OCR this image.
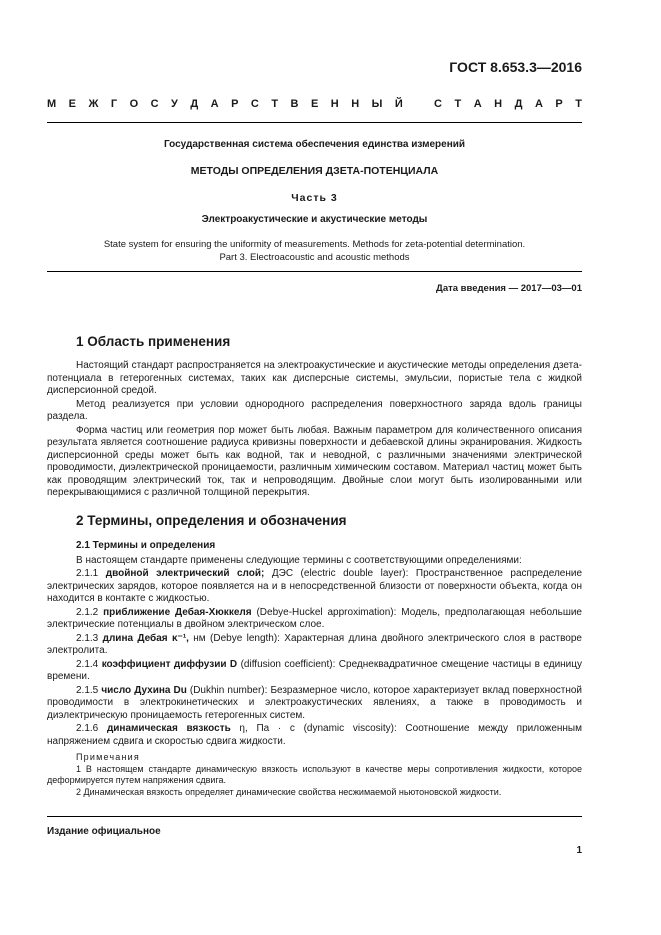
ГОСТ 8.653.3—2016
М Е Ж Г О С У Д А Р С Т В Е Н Н Ы Й	С Т А Н Д А Р Т
Государственная система обеспечения единства измерений
МЕТОДЫ ОПРЕДЕЛЕНИЯ ДЗЕТА-ПОТЕНЦИАЛА
Часть 3
Электроакустические и акустические методы
State system for ensuring the uniformity of measurements. Methods for zeta-potential determination.
Part 3. Electroacoustic and acoustic methods
Дата введения — 2017—03—01
1 Область применения

Настоящий стандарт распространяется на электроакустические и акустические методы определения дзета-потенциала в гетерогенных системах, таких как дисперсные системы, эмульсии, пористые тела с жидкой дисперсионной средой.

Метод реализуется при условии однородного распределения поверхностного заряда вдоль границы раздела.

Форма частиц или геометрия пор может быть любая. Важным параметром для количественного описания результата является соотношение радиуса кривизны поверхности и дебаевской длины экранирования. Жидкость дисперсионной среды может быть как водной, так и неводной, с различными значениями электрической проводимости, диэлектрической проницаемости, различным химическим составом. Материал частиц может быть как проводящим электрический ток, так и непроводящим. Двойные слои могут быть изолированными или перекрывающимися с различной толщиной перекрытия.

2 Термины, определения и обозначения
2.1 Термины и определения

В настоящем стандарте применены следующие термины с соответствующими определениями:

2.1.1 двойной электрический слой; ДЭС (electric double layer): Пространственное распределение электрических зарядов, которое появляется на и в непосредственной близости от поверхности объекта, когда он находится в контакте с жидкостью.

2.1.2 приближение Дебая-Хюккеля (Debye-Huckel approximation): Модель, предполагающая небольшие электрические потенциалы в двойном электрическом слое.

2.1.3 длина Дебая κ⁻¹, нм (Debye length): Характерная длина двойного электрического слоя в растворе электролита.

2.1.4 коэффициент диффузии D (diffusion coefficient): Среднеквадратичное смещение частицы в единицу времени.

2.1.5 число Духина Du (Dukhin number): Безразмерное число, которое характеризует вклад поверхностной проводимости в электрокинетических и электроакустических явлениях, а также в проводимость и диэлектрическую проницаемость гетерогенных систем.

2.1.6 динамическая вязкость η, Па · с (dynamic viscosity): Соотношение между приложенным напряжением сдвига и скоростью сдвига жидкости.

Примечания

1 В настоящем стандарте динамическую вязкость используют в качестве меры сопротивления жидкости, которое деформируется путем напряжения сдвига.

2 Динамическая вязкость определяет динамические свойства несжимаемой ньютоновской жидкости.

Издание официальное
1
